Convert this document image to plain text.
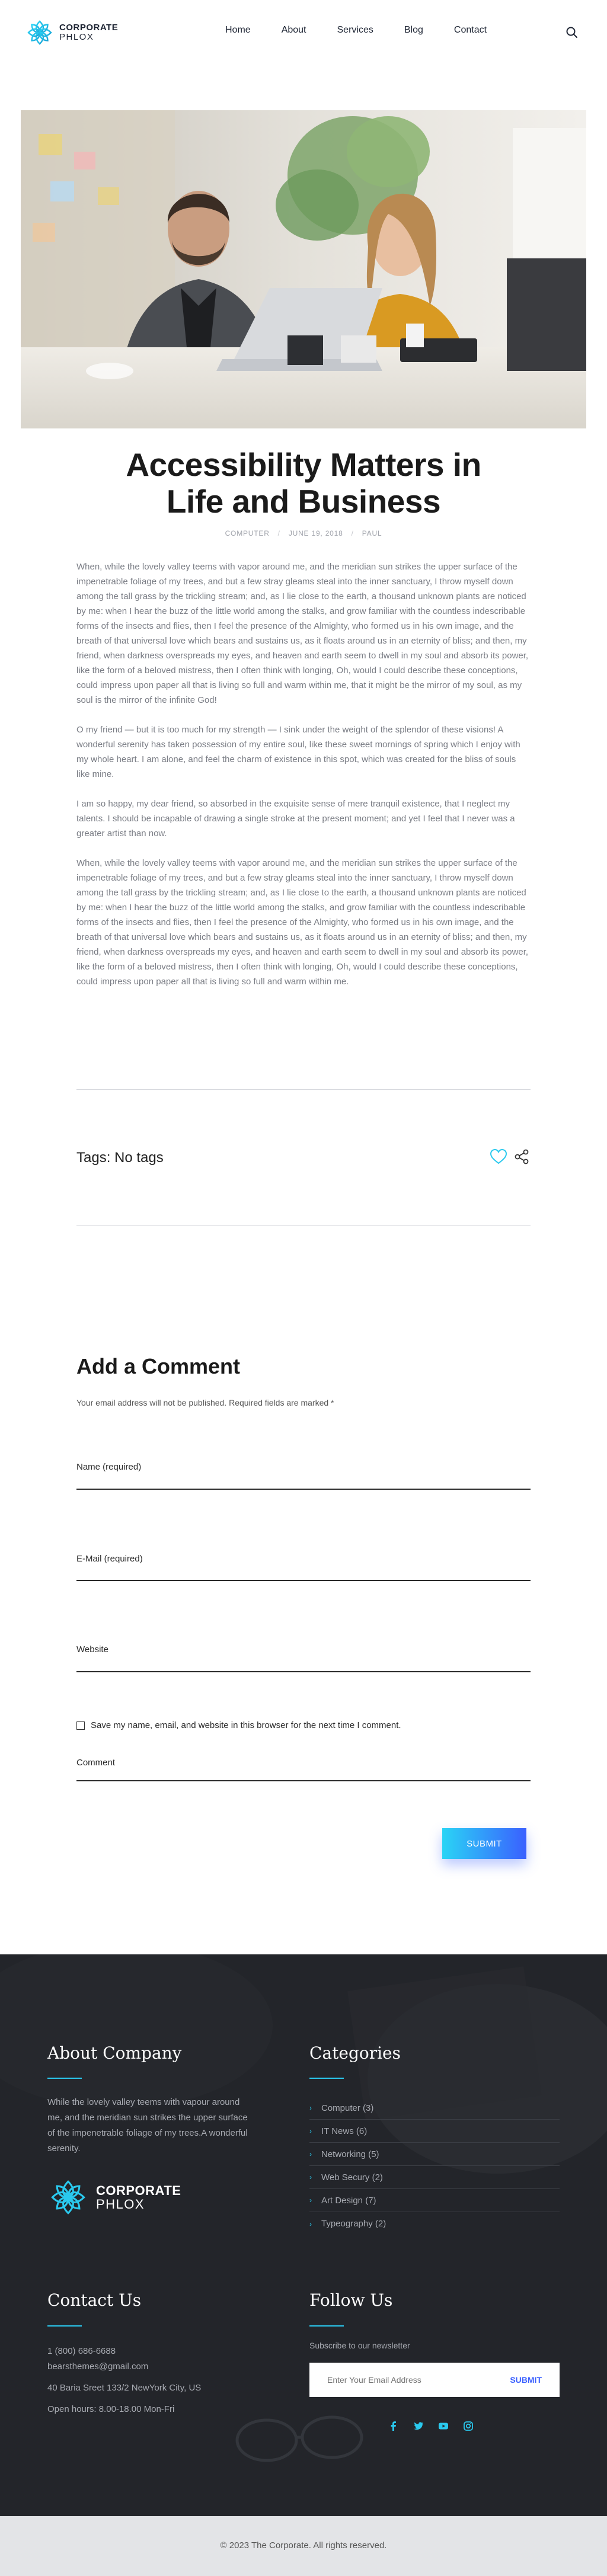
CORPORATE
PHLOX
Home	About	Services	Blog	Contact
Accessibility Matters in
Life and Business
COMPUTER / JUNE 19, 2018 / PAUL

When, while the lovely valley teems with vapor around me, and the meridian sun strikes the upper surface of the impenetrable foliage of my trees, and but a few stray gleams steal into the inner sanctuary, I throw myself down among the tall grass by the trickling stream; and, as I lie close to the earth, a thousand unknown plants are noticed by me: when I hear the buzz of the little world among the stalks, and grow familiar with the countless indescribable forms of the insects and flies, then I feel the presence of the Almighty, who formed us in his own image, and the breath of that universal love which bears and sustains us, as it floats around us in an eternity of bliss; and then, my friend, when darkness overspreads my eyes, and heaven and earth seem to dwell in my soul and absorb its power, like the form of a beloved mistress, then I often think with longing, Oh, would I could describe these conceptions, could impress upon paper all that is living so full and warm within me, that it might be the mirror of my soul, as my soul is the mirror of the infinite God!

O my friend — but it is too much for my strength — I sink under the weight of the splendor of these visions! A wonderful serenity has taken possession of my entire soul, like these sweet mornings of spring which I enjoy with my whole heart. I am alone, and feel the charm of existence in this spot, which was created for the bliss of souls like mine.

I am so happy, my dear friend, so absorbed in the exquisite sense of mere tranquil existence, that I neglect my talents. I should be incapable of drawing a single stroke at the present moment; and yet I feel that I never was a greater artist than now.

When, while the lovely valley teems with vapor around me, and the meridian sun strikes the upper surface of the impenetrable foliage of my trees, and but a few stray gleams steal into the inner sanctuary, I throw myself down among the tall grass by the trickling stream; and, as I lie close to the earth, a thousand unknown plants are noticed by me: when I hear the buzz of the little world among the stalks, and grow familiar with the countless indescribable forms of the insects and flies, then I feel the presence of the Almighty, who formed us in his own image, and the breath of that universal love which bears and sustains us, as it floats around us in an eternity of bliss; and then, my friend, when darkness overspreads my eyes, and heaven and earth seem to dwell in my soul and absorb its power, like the form of a beloved mistress, then I often think with longing, Oh, would I could describe these conceptions, could impress upon paper all that is living so full and warm within me.

Tags: No tags
Add a Comment
Your email address will not be published. Required fields are marked *
Name (required)
E-Mail (required)
Website
Save my name, email, and website in this browser for the next time I comment.
Comment
SUBMIT
About Company
While the lovely valley teems with vapour around me, and the meridian sun strikes the upper surface of the impenetrable foliage of my trees.A wonderful serenity.
Categories
Contact Us
1 (800) 686-6688
bearsthemes@gmail.com
40 Baria Sreet 133/2 NewYork City, US
Open hours: 8.00-18.00 Mon-Fri
Follow Us
Subscribe to our newsletter
CORPORATE
PHLOX
›	Computer (3)
›	IT News (6)
›	Networking (5)
›	Web Secury (2)
›	Art Design (7)
›	Typeography (2)
Enter Your Email Address
SUBMIT
© 2023 The Corporate. All rights reserved.
